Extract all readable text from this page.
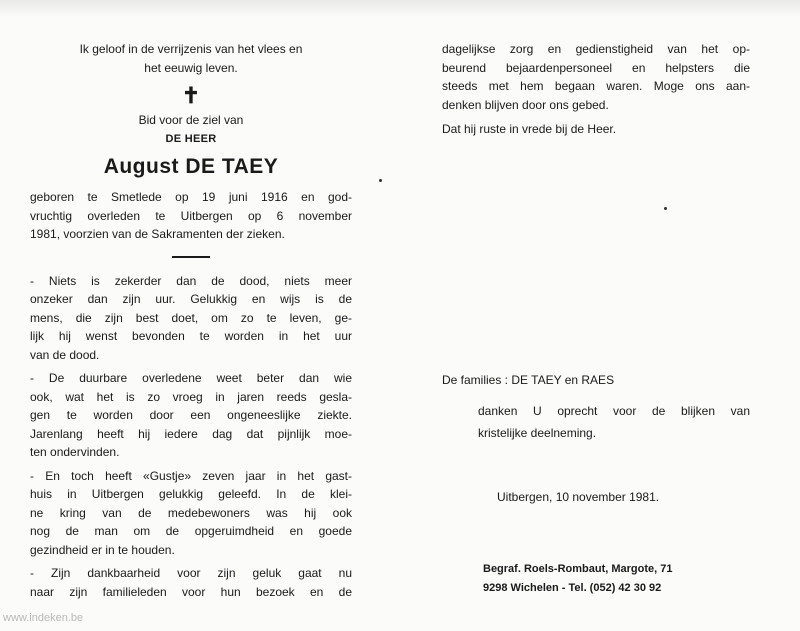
Ik geloof in de verrijzenis van het vlees en
het eeuwig leven.
✝
Bid voor de ziel van
DE HEER
August DE TAEY
geboren te Smetlede op 19 juni 1916 en god-
vruchtig overleden te Uitbergen op 6 november
1981, voorzien van de Sakramenten der zieken.
- Niets is zekerder dan de dood, niets meer
onzeker dan zijn uur. Gelukkig en wijs is de
mens, die zijn best doet, om zo te leven, ge-
lijk hij wenst bevonden te worden in het uur
van de dood.
- De duurbare overledene weet beter dan wie
ook, wat het is zo vroeg in jaren reeds gesla-
gen te worden door een ongeneeslijke ziekte.
Jarenlang heeft hij iedere dag dat pijnlijk moe-
ten ondervinden.
- En toch heeft «Gustje» zeven jaar in het gast-
huis in Uitbergen gelukkig geleefd. In de klei-
ne kring van de medebewoners was hij ook
nog de man om de opgeruimdheid en goede
gezindheid er in te houden.
- Zijn dankbaarheid voor zijn geluk gaat nu
naar zijn familieleden voor hun bezoek en de
dagelijkse zorg en gedienstigheid van het op-
beurend bejaardenpersoneel en helpsters die
steeds met hem begaan waren. Moge ons aan-
denken blijven door ons gebed.
Dat hij ruste in vrede bij de Heer.
De families : DE TAEY en RAES
danken U oprecht voor de blijken van
kristelijke deelneming.
Uitbergen, 10 november 1981.
Begraf. Roels-Rombaut, Margote, 71
9298 Wichelen - Tel. (052) 42 30 92
www.indeken.be
